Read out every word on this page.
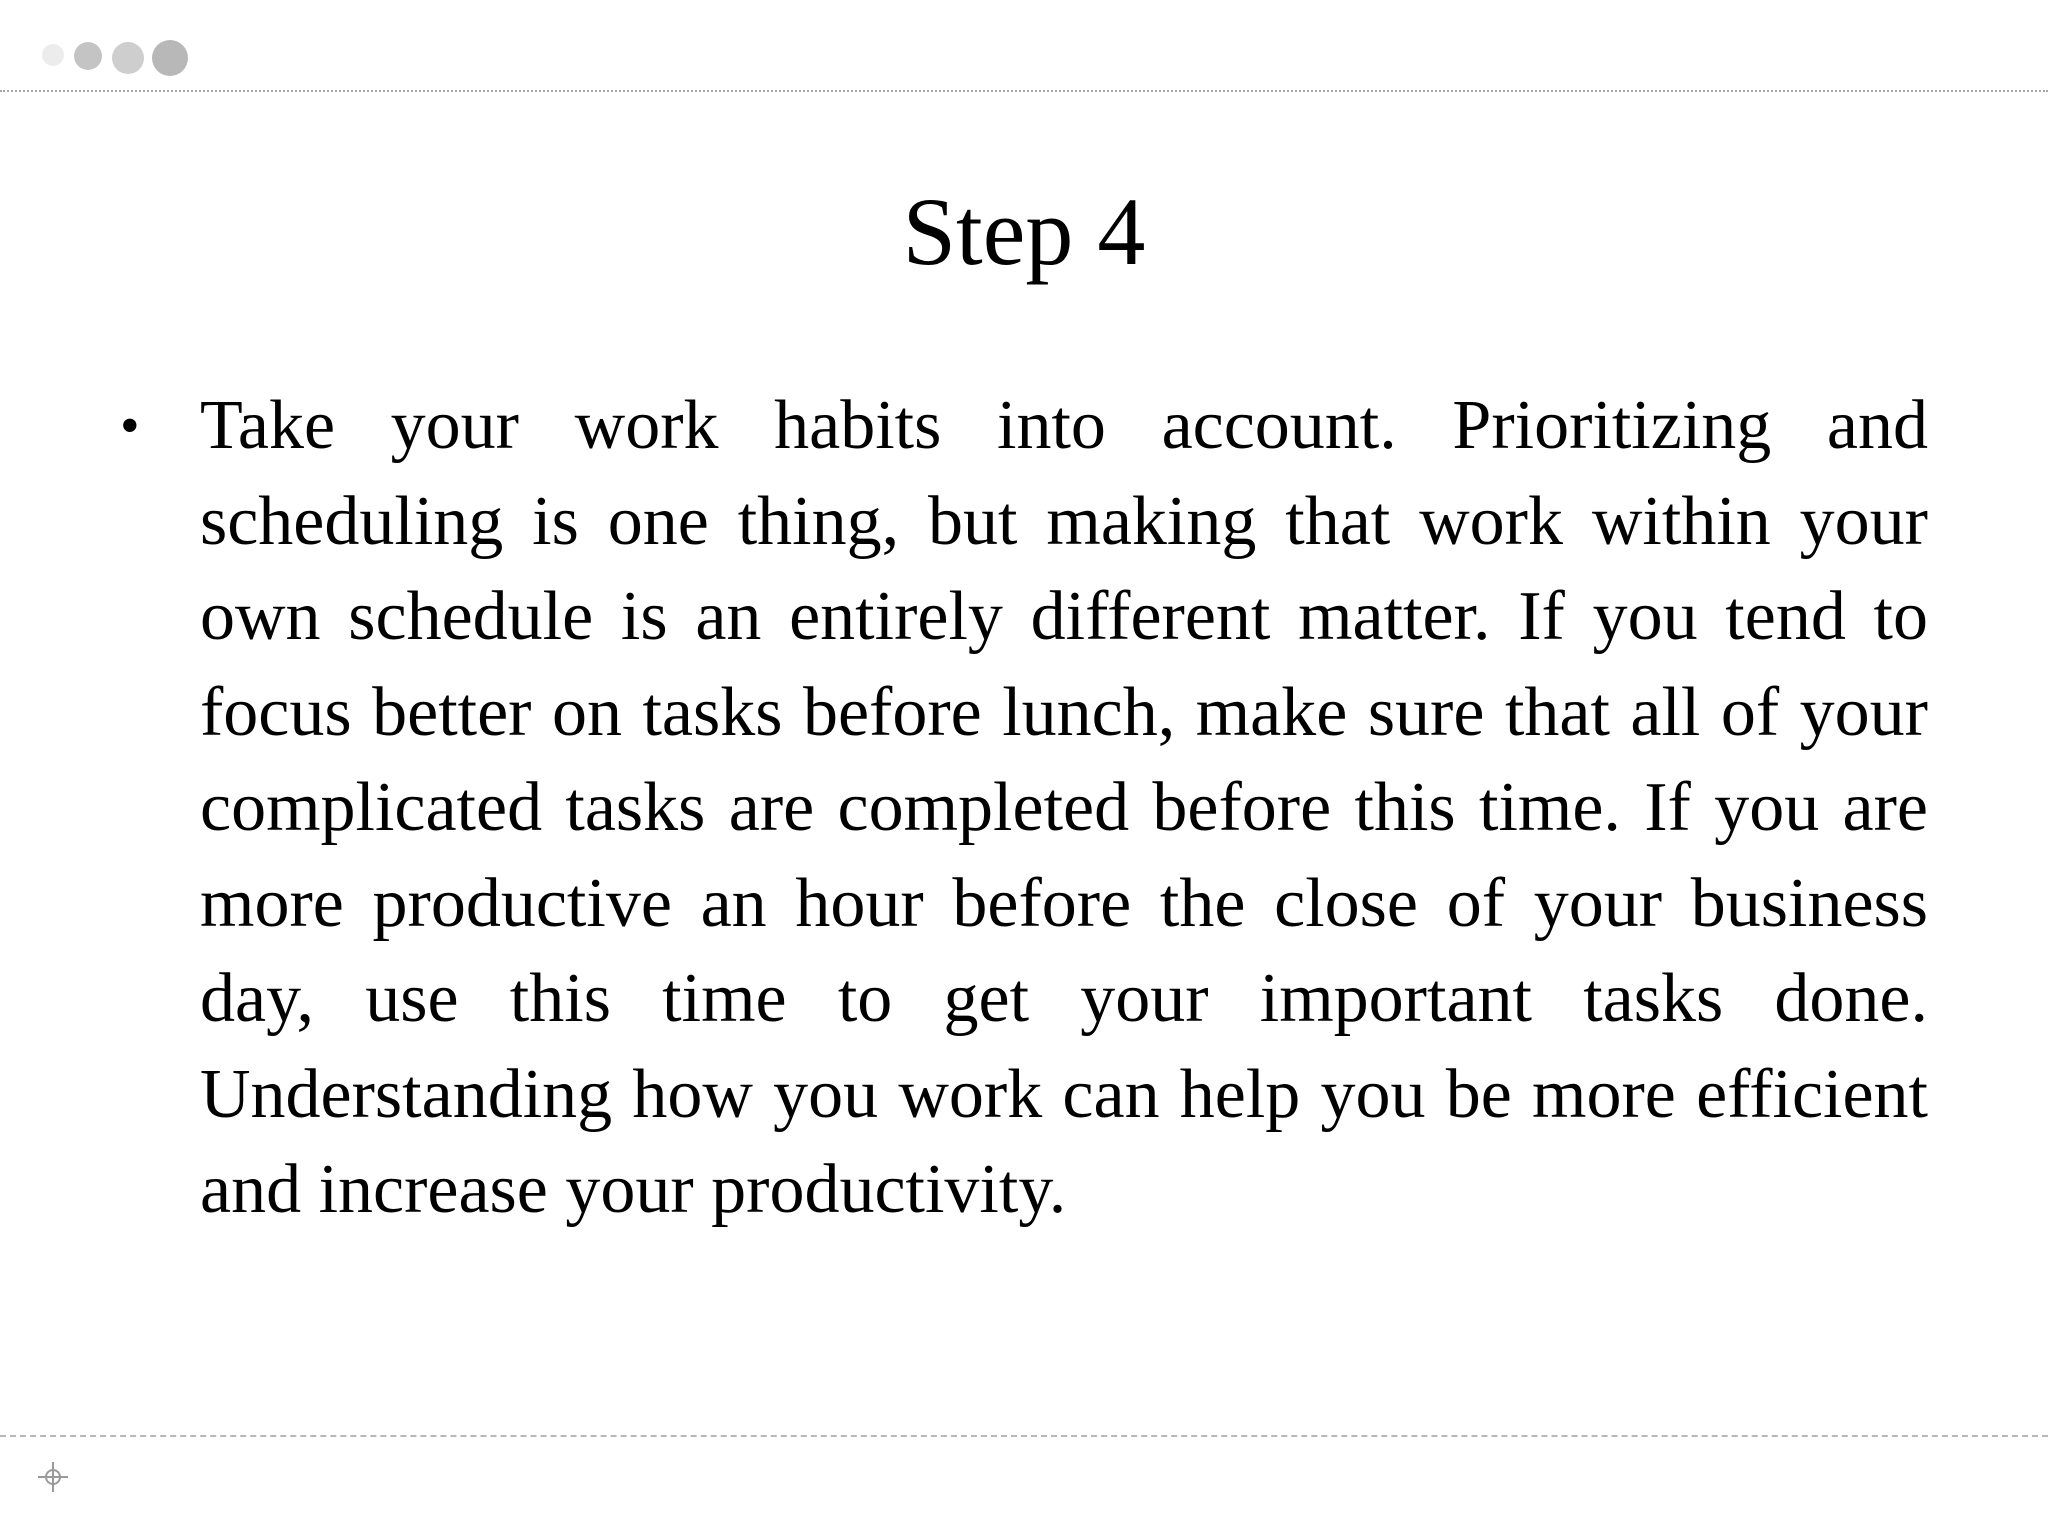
Step 4
• Take your work habits into account. Prioritizing and scheduling is one thing, but making that work within your own schedule is an entirely different matter. If you tend to focus better on tasks before lunch, make sure that all of your complicated tasks are completed before this time. If you are more productive an hour before the close of your business day, use this time to get your important tasks done. Understanding how you work can help you be more efficient and increase your productivity.
